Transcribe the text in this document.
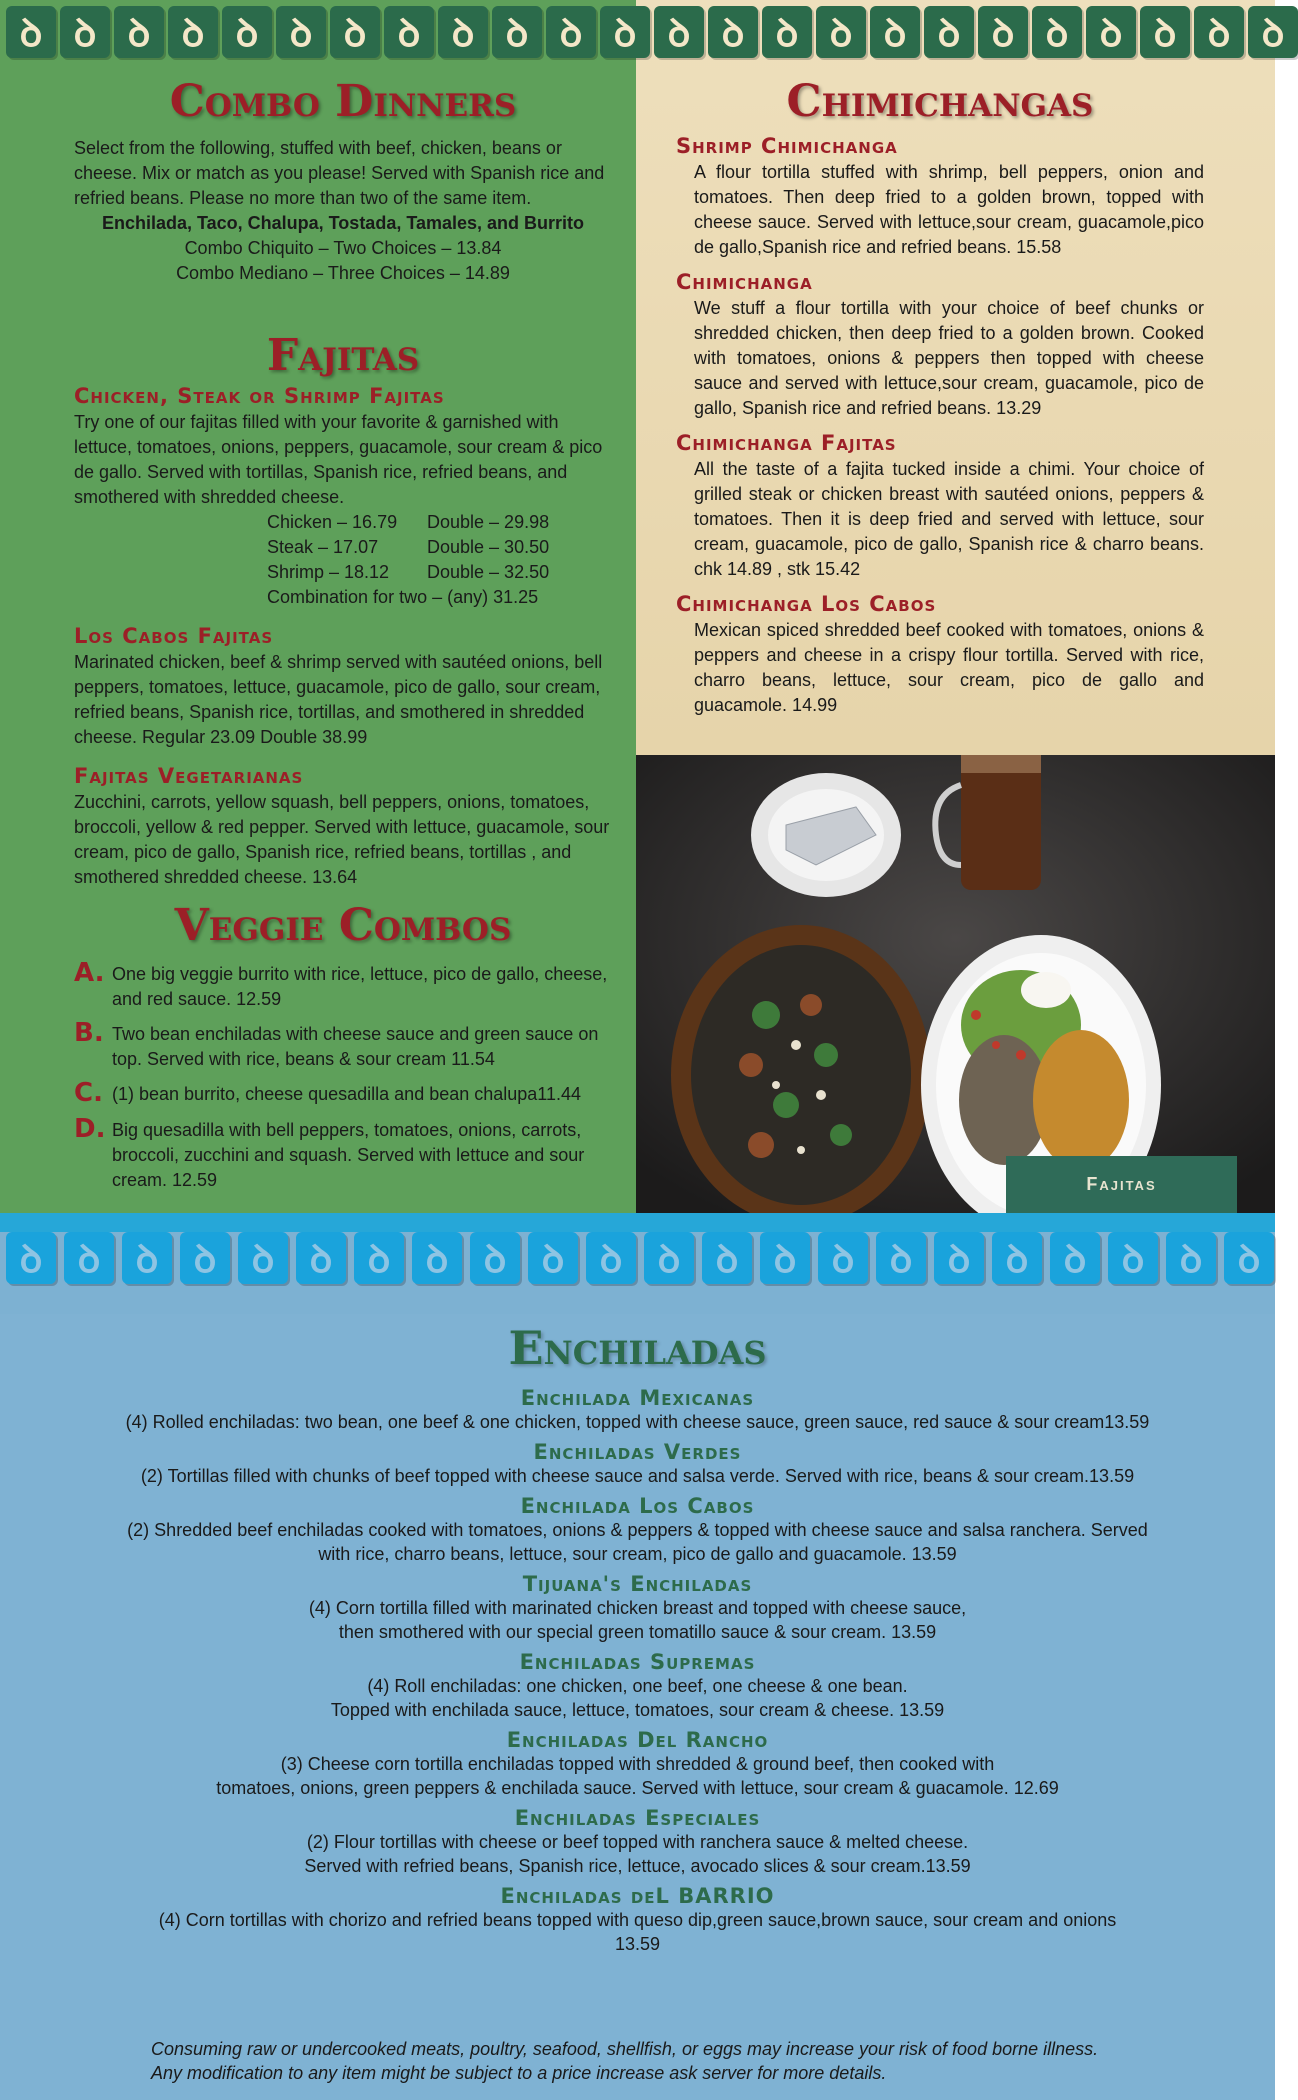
ꝺ ꝺ ꝺ ꝺ ꝺ ꝺ ꝺ ꝺ ꝺ ꝺ ꝺ ꝺ ꝺ ꝺ ꝺ ꝺ ꝺ ꝺ ꝺ ꝺ ꝺ ꝺ ꝺ ꝺ
Combo Dinners

Select from the following, stuffed with beef, chicken, beans or cheese. Mix or match as you please! Served with Spanish rice and refried beans. Please no more than two of the same item.

Enchilada, Taco, Chalupa, Tostada, Tamales, and Burrito

Combo Chiquito – Two Choices – 13.84

Combo Mediano – Three Choices – 14.89

Fajitas
Chicken, Steak or Shrimp Fajitas

Try one of our fajitas filled with your favorite & garnished with lettuce, tomatoes, onions, peppers, guacamole, sour cream & pico de gallo. Served with tortillas, Spanish rice, refried beans, and smothered with shredded cheese.

Chicken – 16.79	Double – 29.98
Steak – 17.07	Double – 30.50
Shrimp – 18.12	Double – 32.50

Combination for two – (any) 31.25

Los Cabos Fajitas

Marinated chicken, beef & shrimp served with sautéed onions, bell peppers, tomatoes, lettuce, guacamole, pico de gallo, sour cream, refried beans, Spanish rice, tortillas, and smothered in shredded cheese. Regular 23.09 Double 38.99

Fajitas Vegetarianas

Zucchini, carrots, yellow squash, bell peppers, onions, tomatoes, broccoli, yellow & red pepper. Served with lettuce, guacamole, sour cream, pico de gallo, Spanish rice, refried beans, tortillas , and smothered shredded cheese. 13.64

Veggie Combos
A. One big veggie burrito with rice, lettuce, pico de gallo, cheese, and red sauce. 12.59

B. Two bean enchiladas with cheese sauce and green sauce on top. Served with rice, beans & sour cream 11.54

C. (1) bean burrito, cheese quesadilla and bean chalupa11.44

D. Big quesadilla with bell peppers, tomatoes, onions, carrots, broccoli, zucchini and squash. Served with lettuce and sour cream. 12.59

Chimichangas
Shrimp Chimichanga

A flour tortilla stuffed with shrimp, bell peppers, onion and tomatoes. Then deep fried to a golden brown, topped with cheese sauce. Served with lettuce,sour cream, guacamole,pico de gallo,Spanish rice and refried beans. 15.58

Chimichanga

We stuff a flour tortilla with your choice of beef chunks or shredded chicken, then deep fried to a golden brown. Cooked with tomatoes, onions & peppers then topped with cheese sauce and served with lettuce,sour cream, guacamole, pico de gallo, Spanish rice and refried beans. 13.29

Chimichanga Fajitas

All the taste of a fajita tucked inside a chimi. Your choice of grilled steak or chicken breast with sautéed onions, peppers & tomatoes. Then it is deep fried and served with lettuce, sour cream, guacamole, pico de gallo, Spanish rice & charro beans. chk 14.89 , stk 15.42

Chimichanga Los Cabos

Mexican spiced shredded beef cooked with tomatoes, onions & peppers and cheese in a crispy flour tortilla. Served with rice, charro beans, lettuce, sour cream, pico de gallo and guacamole. 14.99

Fajitas
ꝺ ꝺ ꝺ ꝺ ꝺ ꝺ ꝺ ꝺ ꝺ ꝺ ꝺ ꝺ ꝺ ꝺ ꝺ ꝺ ꝺ ꝺ ꝺ ꝺ ꝺ ꝺ
Enchiladas
Enchilada Mexicanas

(4) Rolled enchiladas: two bean, one beef & one chicken, topped with cheese sauce, green sauce, red sauce & sour cream13.59

Enchiladas Verdes

(2) Tortillas filled with chunks of beef topped with cheese sauce and salsa verde. Served with rice, beans & sour cream.13.59

Enchilada Los Cabos

(2) Shredded beef enchiladas cooked with tomatoes, onions & peppers & topped with cheese sauce and salsa ranchera. Served

with rice, charro beans, lettuce, sour cream, pico de gallo and guacamole. 13.59

Tijuana's Enchiladas

(4) Corn tortilla filled with marinated chicken breast and topped with cheese sauce,

then smothered with our special green tomatillo sauce & sour cream. 13.59

Enchiladas Supremas

(4) Roll enchiladas: one chicken, one beef, one cheese & one bean.

Topped with enchilada sauce, lettuce, tomatoes, sour cream & cheese. 13.59

Enchiladas Del Rancho

(3) Cheese corn tortilla enchiladas topped with shredded & ground beef, then cooked with

tomatoes, onions, green peppers & enchilada sauce. Served with lettuce, sour cream & guacamole. 12.69

Enchiladas Especiales

(2) Flour tortillas with cheese or beef topped with ranchera sauce & melted cheese.

Served with refried beans, Spanish rice, lettuce, avocado slices & sour cream.13.59

Enchiladas deL BARRIO

(4) Corn tortillas with chorizo and refried beans topped with queso dip,green sauce,brown sauce, sour cream and onions

13.59

Consuming raw or undercooked meats, poultry, seafood, shellfish, or eggs may increase your risk of food borne illness.

Any modification to any item might be subject to a price increase ask server for more details.
